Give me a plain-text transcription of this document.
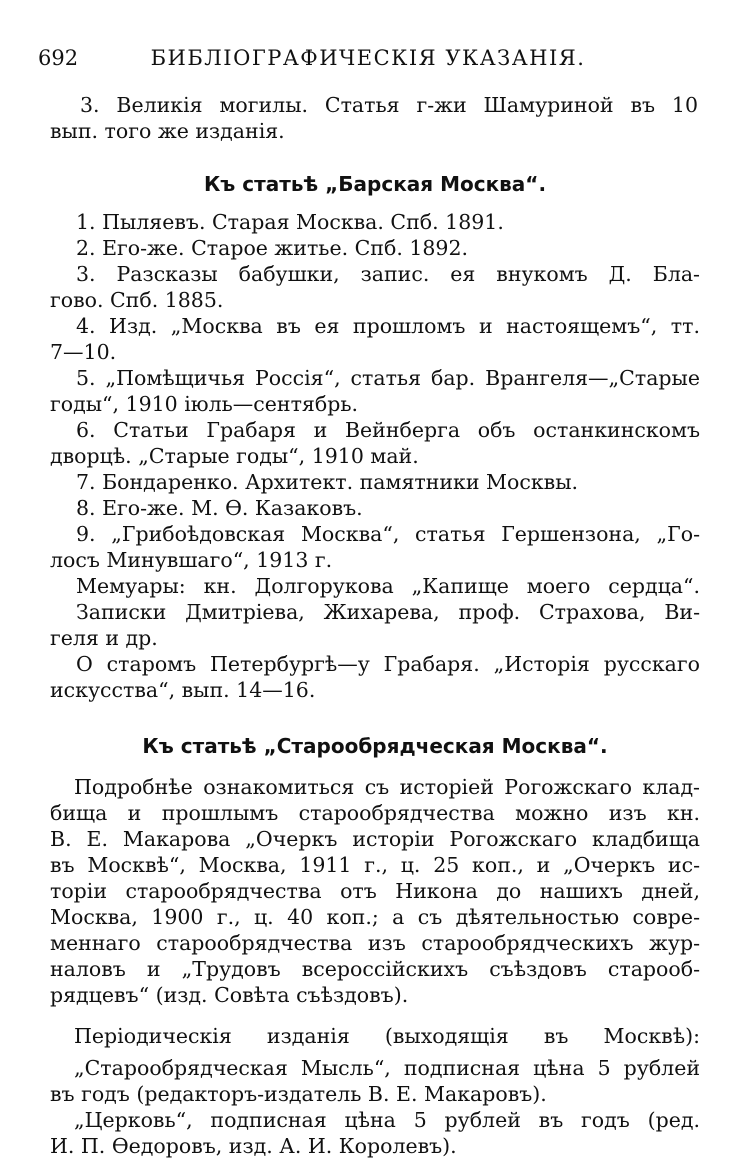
692	БИБЛІОГРАФИЧЕСКІЯ УКАЗАНІЯ.
3. Великія могилы. Статья г-жи Шамуриной въ 10
вып. того же изданія.
Къ статьѣ „Барская Москва“.
1. Пыляевъ. Старая Москва. Спб. 1891.
2. Его-же. Старое житье. Спб. 1892.
3. Разсказы бабушки, запис. ея внукомъ Д. Бла-
гово. Спб. 1885.
4. Изд. „Москва въ ея прошломъ и настоящемъ“, тт.
7—10.
5. „Помѣщичья Россія“, статья бар. Врангеля—„Старые
годы“, 1910 іюль—сентябрь.
6. Статьи Грабаря и Вейнберга объ останкинскомъ
дворцѣ. „Старые годы“, 1910 май.
7. Бондаренко. Архитект. памятники Москвы.
8. Его-же. М. Ѳ. Казаковъ.
9. „Грибоѣдовская Москва“, статья Гершензона, „Го-
лосъ Минувшаго“, 1913 г.
Мемуары: кн. Долгорукова „Капище моего сердца“.
Записки Дмитріева, Жихарева, проф. Страхова, Ви-
геля и др.
О старомъ Петербургѣ—у Грабаря. „Исторія русскаго
искусства“, вып. 14—16.
Къ статьѣ „Старообрядческая Москва“.
Подробнѣе ознакомиться съ исторіей Рогожскаго клад-
бища и прошлымъ старообрядчества можно изъ кн.
В. Е. Макарова „Очеркъ исторіи Рогожскаго кладбища
въ Москвѣ“, Москва, 1911 г., ц. 25 коп., и „Очеркъ ис-
торіи старообрядчества отъ Никона до нашихъ дней,
Москва, 1900 г., ц. 40 коп.; а съ дѣятельностью совре-
меннаго старообрядчества изъ старообрядческихъ жур-
наловъ и „Трудовъ всероссійскихъ съѣздовъ старооб-
рядцевъ“ (изд. Совѣта съѣздовъ).
Періодическія изданія (выходящія въ Москвѣ):
„Старообрядческая Мысль“, подписная цѣна 5 рублей
въ годъ (редакторъ-издатель В. Е. Макаровъ).
„Церковь“, подписная цѣна 5 рублей въ годъ (ред.
И. П. Ѳедоровъ, изд. А. И. Королевъ).
